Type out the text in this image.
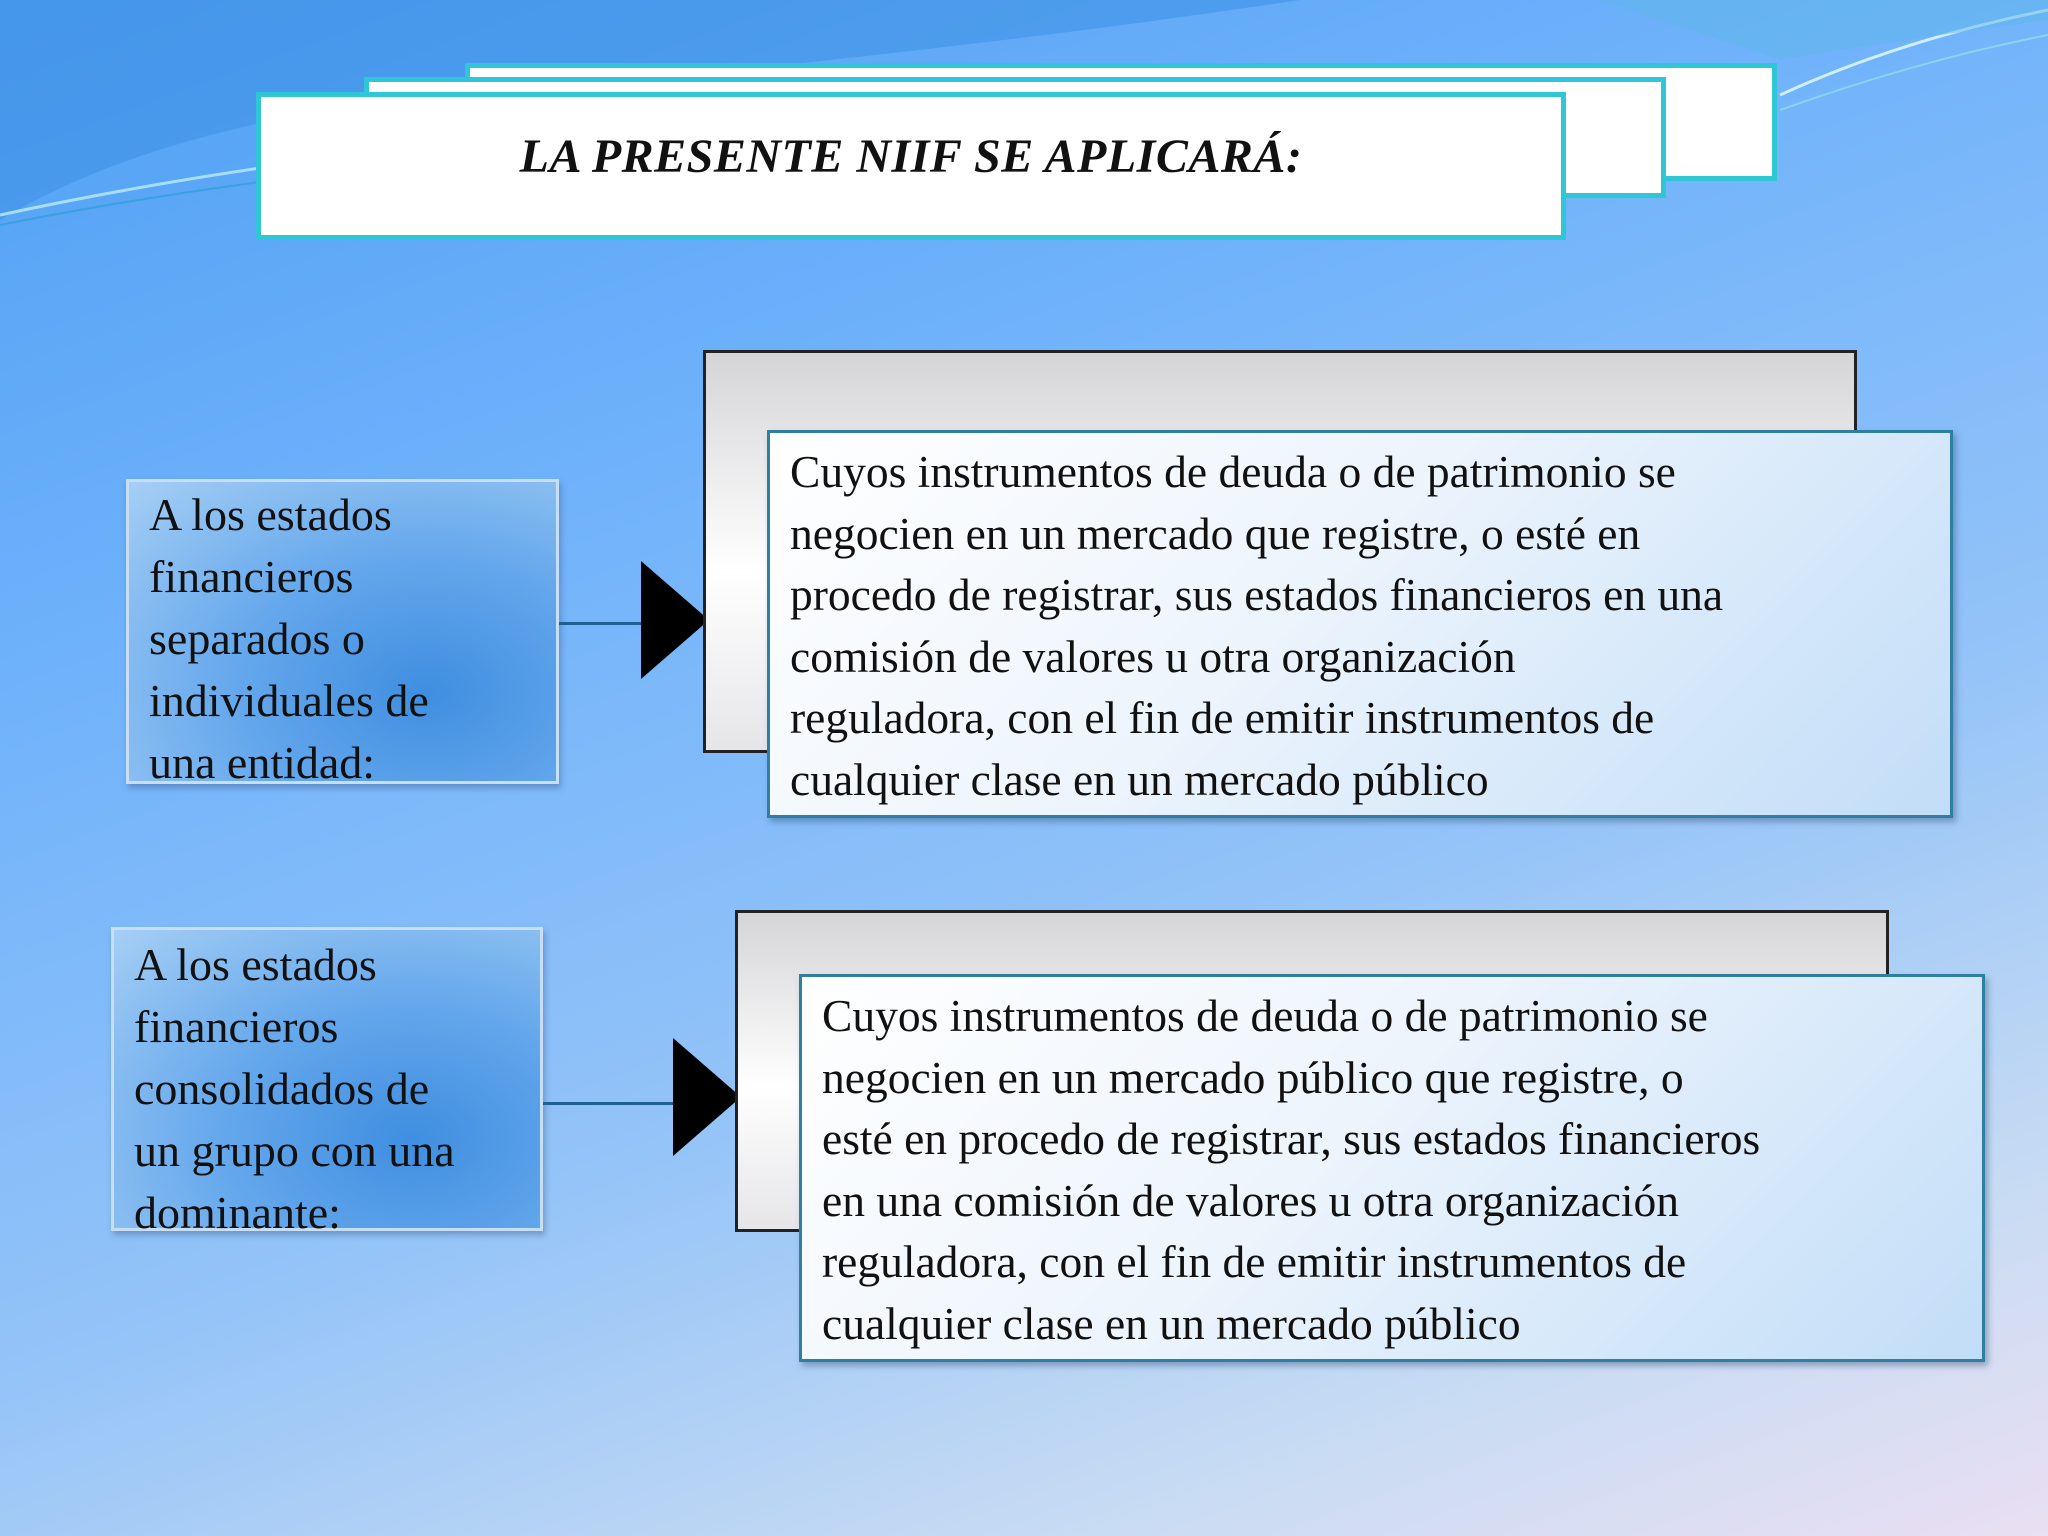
LA PRESENTE NIIF SE APLICARÁ:
A los estados
financieros
separados o
individuales de
una entidad:
Cuyos instrumentos de deuda o de patrimonio se
negocien en un mercado que registre, o esté en
procedo de registrar, sus estados financieros en una
comisión de valores u otra organización
reguladora, con el fin de emitir instrumentos de
cualquier clase en un mercado público
A los estados
financieros
consolidados de
un grupo con una
dominante:
Cuyos instrumentos de deuda o de patrimonio se
negocien en un mercado público que registre, o
esté en procedo de registrar, sus estados financieros
en una comisión de valores u otra organización
reguladora, con el fin de emitir instrumentos de
cualquier clase en un mercado público
